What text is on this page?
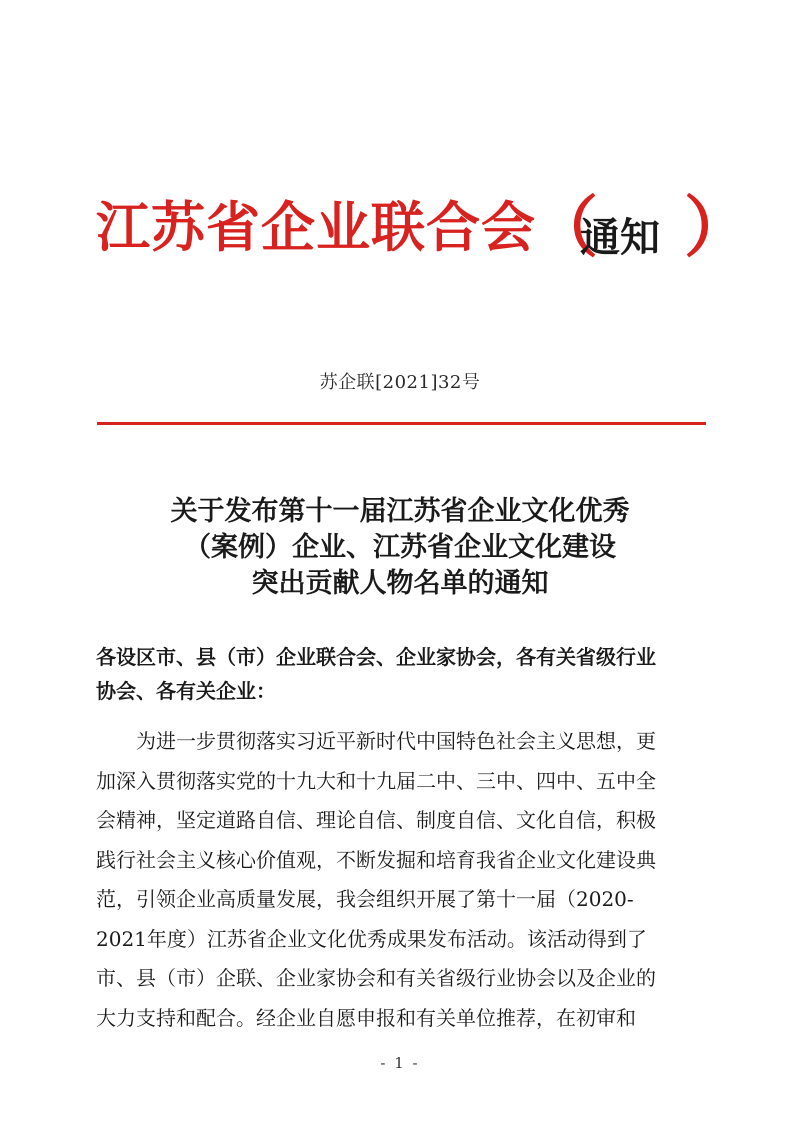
江苏省企业联合会
（
通知 ）
苏企联[2021]32号
关于发布第十一届江苏省企业文化优秀
（案例）企业、江苏省企业文化建设
突出贡献人物名单的通知
各设区市、县（市）企业联合会、企业家协会，各有关省级行业
协会、各有关企业：
为进一步贯彻落实习近平新时代中国特色社会主义思想，更
加深入贯彻落实党的十九大和十九届二中、三中、四中、五中全
会精神，坚定道路自信、理论自信、制度自信、文化自信，积极
践行社会主义核心价值观，不断发掘和培育我省企业文化建设典
范，引领企业高质量发展，我会组织开展了第十一届（2020-
2021年度）江苏省企业文化优秀成果发布活动。该活动得到了
市、县（市）企联、企业家协会和有关省级行业协会以及企业的
大力支持和配合。经企业自愿申报和有关单位推荐，在初审和
- 1 -
